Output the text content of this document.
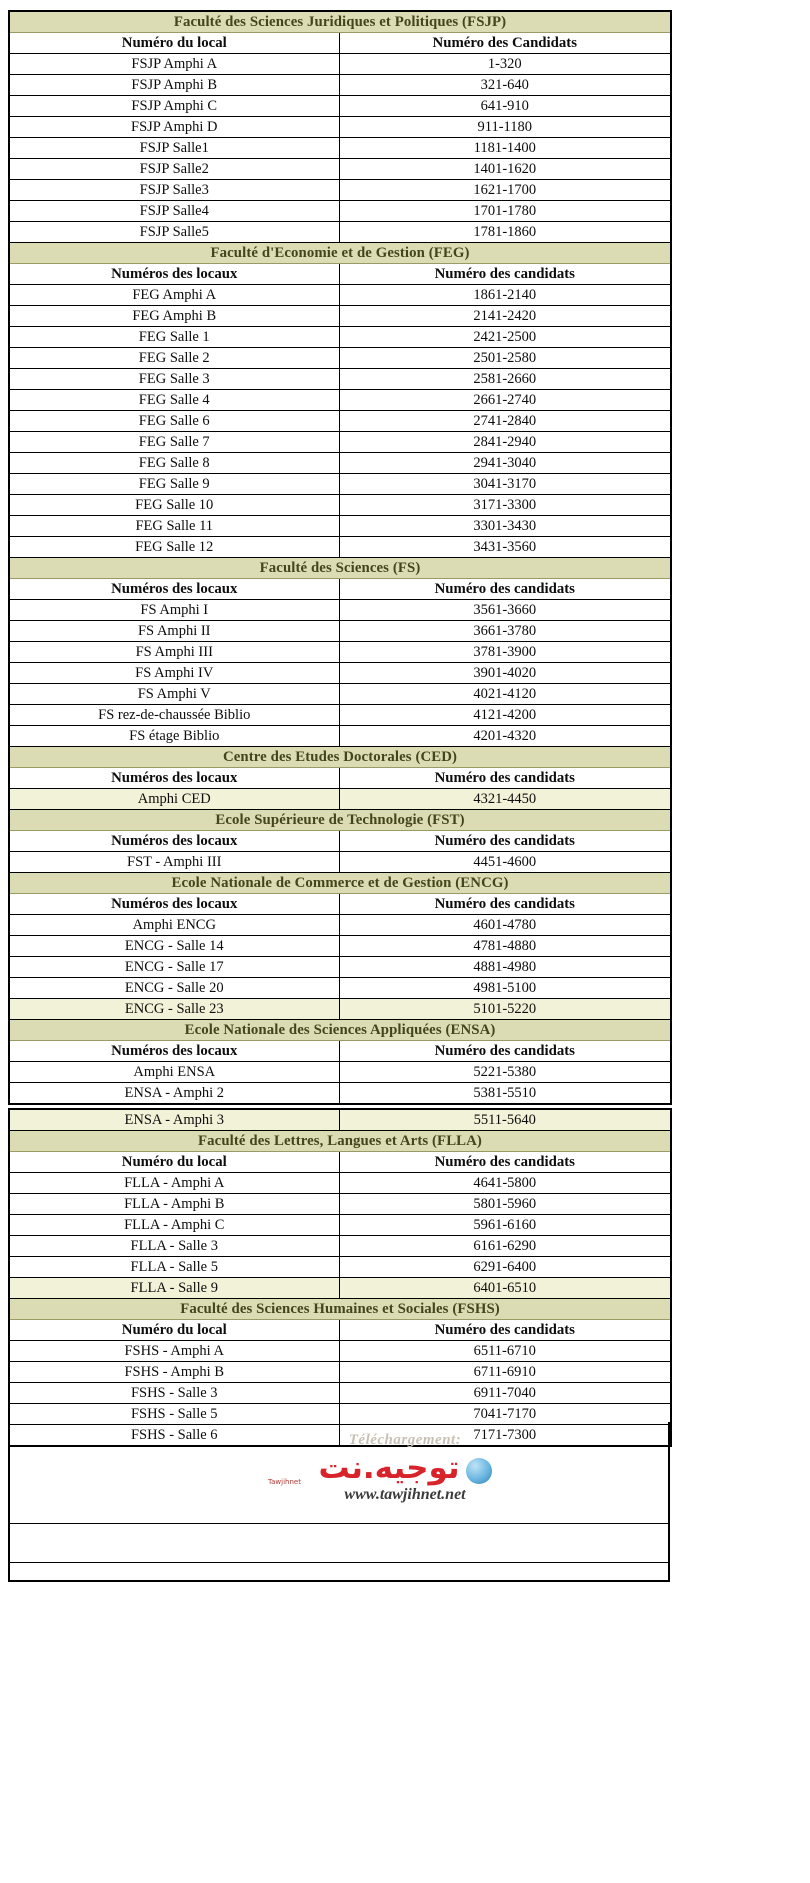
Faculté des Sciences Juridiques et Politiques (FSJP)	
Numéro du local	Numéro des Candidats
FSJP Amphi A	1-320
FSJP Amphi B	321-640
FSJP Amphi C	641-910
FSJP Amphi D	911-1180
FSJP Salle1	1181-1400
FSJP Salle2	1401-1620
FSJP Salle3	1621-1700
FSJP Salle4	1701-1780
FSJP Salle5	1781-1860
Faculté d'Economie et de Gestion (FEG)	
Numéros des locaux	Numéro des candidats
FEG Amphi A	1861-2140
FEG Amphi B	2141-2420
FEG Salle 1	2421-2500
FEG Salle 2	2501-2580
FEG Salle 3	2581-2660
FEG Salle 4	2661-2740
FEG Salle 6	2741-2840
FEG Salle 7	2841-2940
FEG Salle 8	2941-3040
FEG Salle 9	3041-3170
FEG Salle 10	3171-3300
FEG Salle 11	3301-3430
FEG Salle 12	3431-3560
Faculté des Sciences (FS)	
Numéros des locaux	Numéro des candidats
FS Amphi I	3561-3660
FS Amphi II	3661-3780
FS Amphi III	3781-3900
FS Amphi IV	3901-4020
FS Amphi V	4021-4120
FS rez-de-chaussée Biblio	4121-4200
FS étage Biblio	4201-4320
Centre des Etudes Doctorales (CED)	
Numéros des locaux	Numéro des candidats
Amphi CED	4321-4450
Ecole Supérieure de Technologie (FST)	
Numéros des locaux	Numéro des candidats
FST - Amphi III	4451-4600
Ecole Nationale de Commerce et de Gestion (ENCG)	
Numéros des locaux	Numéro des candidats
Amphi ENCG	4601-4780
ENCG - Salle 14	4781-4880
ENCG - Salle 17	4881-4980
ENCG - Salle 20	4981-5100
ENCG - Salle 23	5101-5220
Ecole Nationale des Sciences Appliquées (ENSA)	
Numéros des locaux	Numéro des candidats
Amphi ENSA	5221-5380
ENSA - Amphi 2	5381-5510
ENSA - Amphi 3	5511-5640
Faculté des Lettres, Langues et Arts (FLLA)	
Numéro du local	Numéro des candidats
FLLA - Amphi A	4641-5800
FLLA - Amphi B	5801-5960
FLLA - Amphi C	5961-6160
FLLA - Salle 3	6161-6290
FLLA - Salle 5	6291-6400
FLLA - Salle 9	6401-6510
Faculté des Sciences Humaines et Sociales (FSHS)	
Numéro du local	Numéro des candidats
FSHS - Amphi A	6511-6710
FSHS - Amphi B	6711-6910
FSHS - Salle 3	6911-7040
FSHS - Salle 5	7041-7170
FSHS - Salle 6	7171-7300
Téléchargement:
توجيه.نت
www.tawjihnet.net
Tawjihnet
